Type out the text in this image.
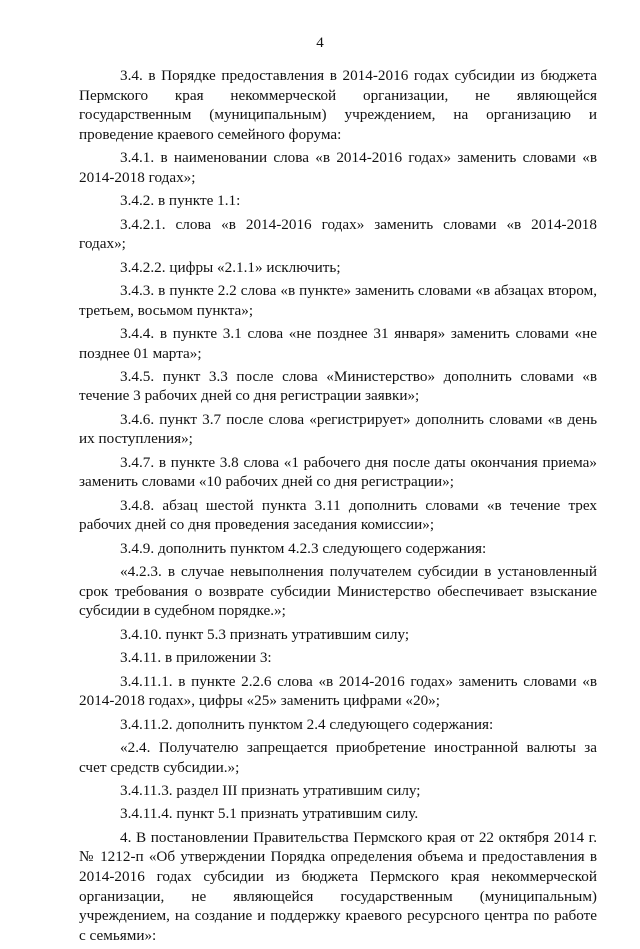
4

3.4. в Порядке предоставления в 2014-2016 годах субсидии из бюджета Пермского края некоммерческой организации, не являющейся государственным (муниципальным) учреждением, на организацию и проведение краевого семейного форума:

3.4.1. в наименовании слова «в 2014-2016 годах» заменить словами «в 2014-2018 годах»;

3.4.2. в пункте 1.1:

3.4.2.1. слова «в 2014-2016 годах» заменить словами «в 2014-2018 годах»;

3.4.2.2. цифры «2.1.1» исключить;

3.4.3. в пункте 2.2 слова «в пункте» заменить словами «в абзацах втором, третьем, восьмом пункта»;

3.4.4. в пункте 3.1 слова «не позднее 31 января» заменить словами «не позднее 01 марта»;

3.4.5. пункт 3.3 после слова «Министерство» дополнить словами «в течение 3 рабочих дней со дня регистрации заявки»;

3.4.6. пункт 3.7 после слова «регистрирует» дополнить словами «в день их поступления»;

3.4.7. в пункте 3.8 слова «1 рабочего дня после даты окончания приема» заменить словами «10 рабочих дней со дня регистрации»;

3.4.8. абзац шестой пункта 3.11 дополнить словами «в течение трех рабочих дней со дня проведения заседания комиссии»;

3.4.9. дополнить пунктом 4.2.3 следующего содержания:

«4.2.3. в случае невыполнения получателем субсидии в установленный срок требования о возврате субсидии Министерство обеспечивает взыскание субсидии в судебном порядке.»;

3.4.10. пункт 5.3 признать утратившим силу;

3.4.11. в приложении 3:

3.4.11.1. в пункте 2.2.6 слова «в 2014-2016 годах» заменить словами «в 2014-2018 годах», цифры «25» заменить цифрами «20»;

3.4.11.2. дополнить пунктом 2.4 следующего содержания:

«2.4. Получателю запрещается приобретение иностранной валюты за счет средств субсидии.»;

3.4.11.3. раздел III признать утратившим силу;

3.4.11.4. пункт 5.1 признать утратившим силу.

4. В постановлении Правительства Пермского края от 22 октября 2014 г. № 1212-п «Об утверждении Порядка определения объема и предоставления в 2014-2016 годах субсидии из бюджета Пермского края некоммерческой организации, не являющейся государственным (муниципальным) учреждением, на создание и поддержку краевого ресурсного центра по работе с семьями»:
